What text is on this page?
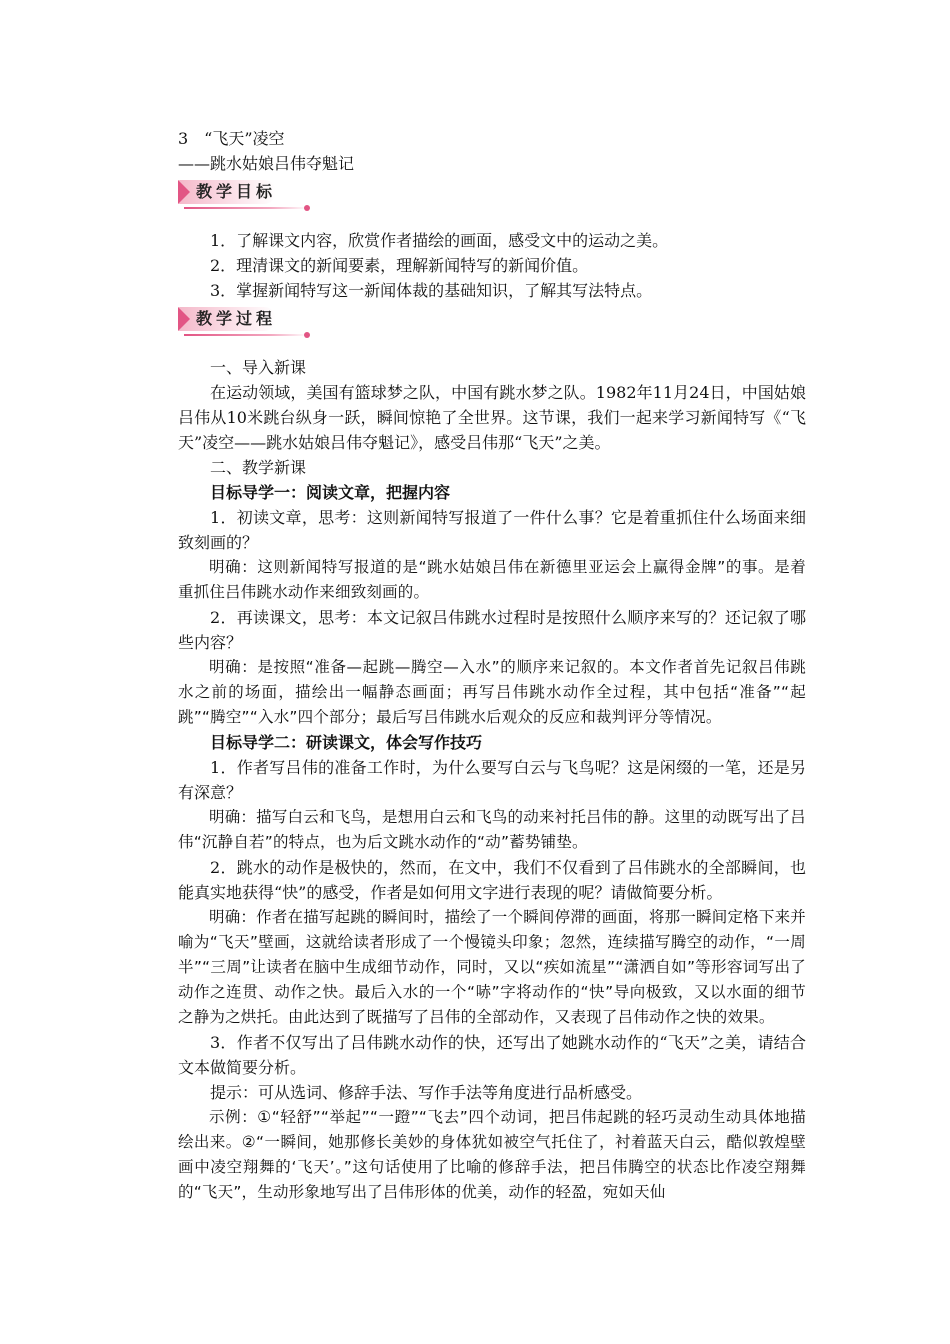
3　“飞天”凌空
——跳水姑娘吕伟夺魁记
教学目标

1．了解课文内容，欣赏作者描绘的画面，感受文中的运动之美。

2．理清课文的新闻要素，理解新闻特写的新闻价值。

3．掌握新闻特写这一新闻体裁的基础知识，了解其写法特点。

教学过程

一、导入新课

在运动领域，美国有篮球梦之队，中国有跳水梦之队。1982年11月24日，中国姑娘吕伟从10米跳台纵身一跃，瞬间惊艳了全世界。这节课，我们一起来学习新闻特写《“飞天”凌空——跳水姑娘吕伟夺魁记》，感受吕伟那“飞天”之美。

二、教学新课

目标导学一：阅读文章，把握内容

1．初读文章，思考：这则新闻特写报道了一件什么事？它是着重抓住什么场面来细致刻画的？

明确：这则新闻特写报道的是“跳水姑娘吕伟在新德里亚运会上赢得金牌”的事。是着重抓住吕伟跳水动作来细致刻画的。

2．再读课文，思考：本文记叙吕伟跳水过程时是按照什么顺序来写的？还记叙了哪些内容？

明确：是按照“准备—起跳—腾空—入水”的顺序来记叙的。本文作者首先记叙吕伟跳水之前的场面，描绘出一幅静态画面；再写吕伟跳水动作全过程，其中包括“准备”“起跳”“腾空”“入水”四个部分；最后写吕伟跳水后观众的反应和裁判评分等情况。

目标导学二：研读课文，体会写作技巧

1．作者写吕伟的准备工作时，为什么要写白云与飞鸟呢？这是闲缀的一笔，还是另有深意？

明确：描写白云和飞鸟，是想用白云和飞鸟的动来衬托吕伟的静。这里的动既写出了吕伟“沉静自若”的特点，也为后文跳水动作的“动”蓄势铺垫。

2．跳水的动作是极快的，然而，在文中，我们不仅看到了吕伟跳水的全部瞬间，也能真实地获得“快”的感受，作者是如何用文字进行表现的呢？请做简要分析。

明确：作者在描写起跳的瞬间时，描绘了一个瞬间停滞的画面，将那一瞬间定格下来并喻为“飞天”壁画，这就给读者形成了一个慢镜头印象；忽然，连续描写腾空的动作，“一周半”“三周”让读者在脑中生成细节动作，同时，又以“疾如流星”“潇洒自如”等形容词写出了动作之连贯、动作之快。最后入水的一个“哧”字将动作的“快”导向极致，又以水面的细节之静为之烘托。由此达到了既描写了吕伟的全部动作，又表现了吕伟动作之快的效果。

3．作者不仅写出了吕伟跳水动作的快，还写出了她跳水动作的“飞天”之美，请结合文本做简要分析。

提示：可从选词、修辞手法、写作手法等角度进行品析感受。

示例：①“轻舒”“举起”“一蹬”“飞去”四个动词，把吕伟起跳的轻巧灵动生动具体地描绘出来。②“一瞬间，她那修长美妙的身体犹如被空气托住了，衬着蓝天白云，酷似敦煌壁画中凌空翔舞的‘飞天’。”这句话使用了比喻的修辞手法，把吕伟腾空的状态比作凌空翔舞的“飞天”，生动形象地写出了吕伟形体的优美，动作的轻盈，宛如天仙
